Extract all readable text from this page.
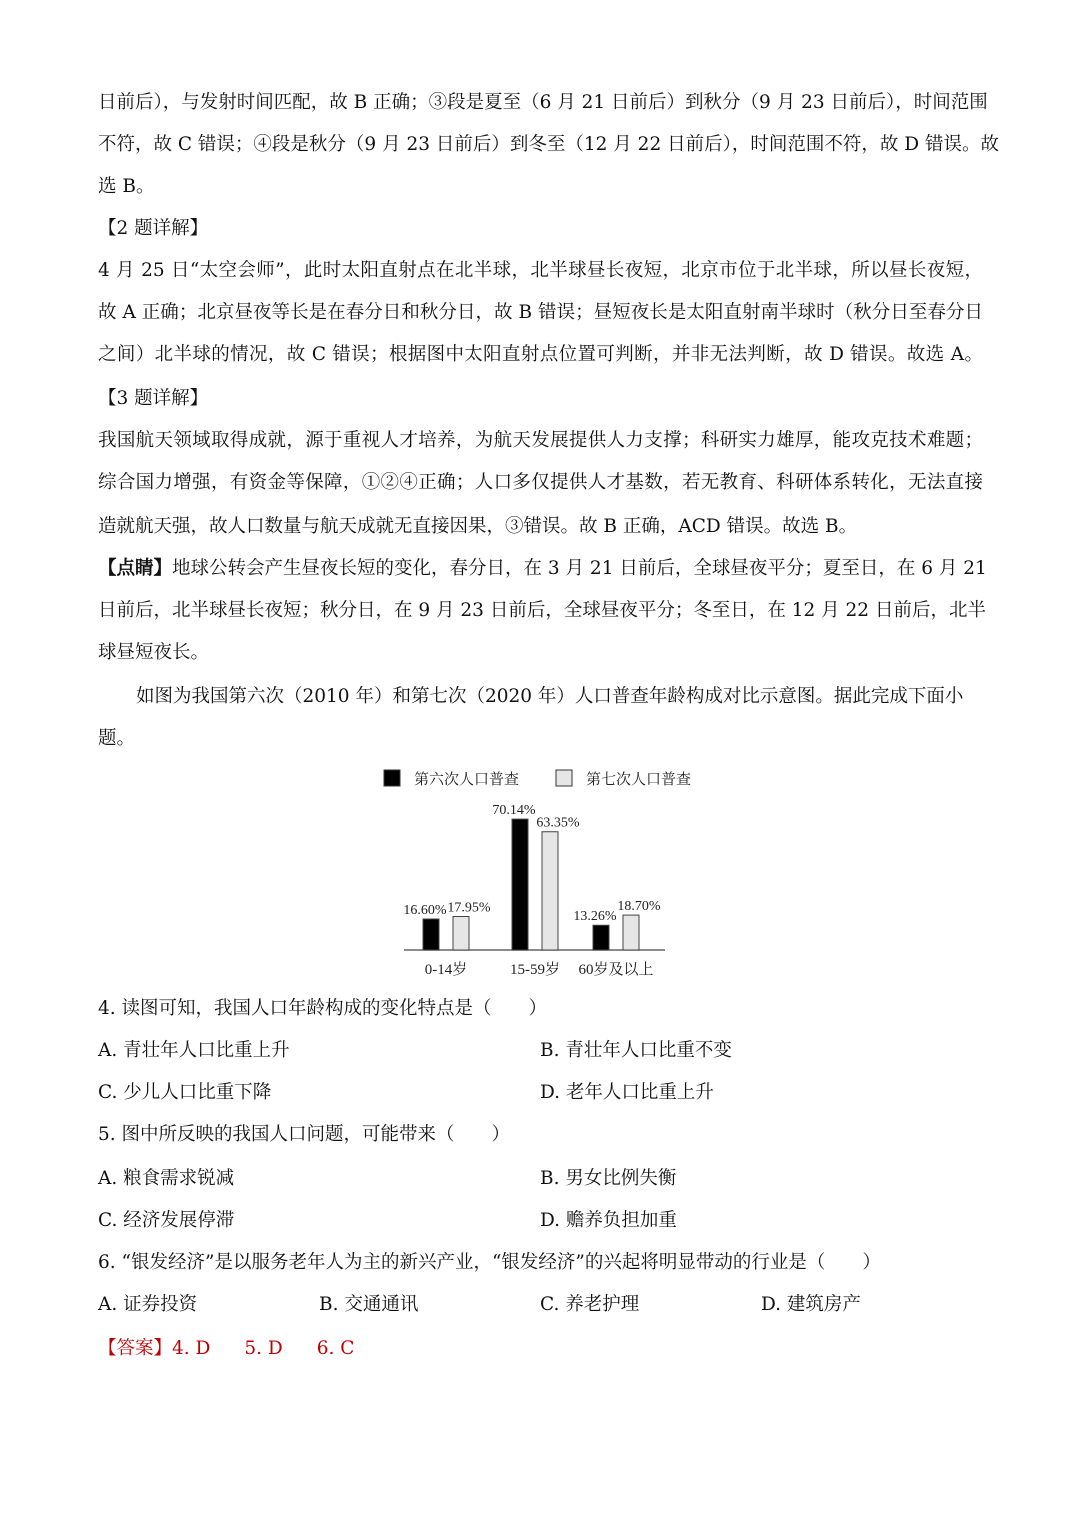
日前后），与发射时间匹配，故 B 正确；③段是夏至（6 月 21 日前后）到秋分（9 月 23 日前后），时间范围
不符，故 C 错误；④段是秋分（9 月 23 日前后）到冬至（12 月 22 日前后），时间范围不符，故 D 错误。故
选 B。
【2 题详解】
4 月 25 日“太空会师”，此时太阳直射点在北半球，北半球昼长夜短，北京市位于北半球，所以昼长夜短，
故 A 正确；北京昼夜等长是在春分日和秋分日，故 B 错误；昼短夜长是太阳直射南半球时（秋分日至春分日
之间）北半球的情况，故 C 错误；根据图中太阳直射点位置可判断，并非无法判断，故 D 错误。故选 A。
【3 题详解】
我国航天领域取得成就，源于重视人才培养，为航天发展提供人力支撑；科研实力雄厚，能攻克技术难题；
综合国力增强，有资金等保障，①②④正确；人口多仅提供人才基数，若无教育、科研体系转化，无法直接
造就航天强，故人口数量与航天成就无直接因果，③错误。故 B 正确，ACD 错误。故选 B。
【点睛】地球公转会产生昼夜长短的变化，春分日，在 3 月 21 日前后，全球昼夜平分；夏至日，在 6 月 21
日前后，北半球昼长夜短；秋分日，在 9 月 23 日前后，全球昼夜平分；冬至日，在 12 月 22 日前后，北半
球昼短夜长。
如图为我国第六次（2010 年）和第七次（2020 年）人口普查年龄构成对比示意图。据此完成下面小
题。
第六次人口普查	第七次人口普查
16.60% 17.95%
0-14岁
70.14%
63.35%
15-59岁
13.26%
18.70%
60岁及以上
4. 读图可知，我国人口年龄构成的变化特点是（　　）
A. 青壮年人口比重上升	B. 青壮年人口比重不变
C. 少儿人口比重下降	D. 老年人口比重上升
5. 图中所反映的我国人口问题，可能带来（　　）
A. 粮食需求锐减	B. 男女比例失衡
C. 经济发展停滞	D. 赡养负担加重
6. “银发经济”是以服务老年人为主的新兴产业，“银发经济”的兴起将明显带动的行业是（　　）
A. 证券投资	B. 交通通讯	C. 养老护理	D. 建筑房产
【答案】4. D 5. D 6. C
